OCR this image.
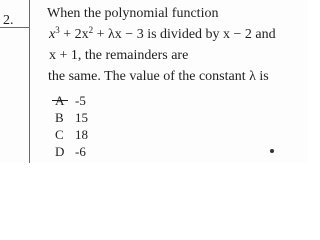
2. When the polynomial function
$x^3 + 2x^2 + \lambda x - 3$ is divided by x − 2 and
x + 1, the remainders are
the same. The value of the constant λ is
-5
B 15
C 18
D -6
